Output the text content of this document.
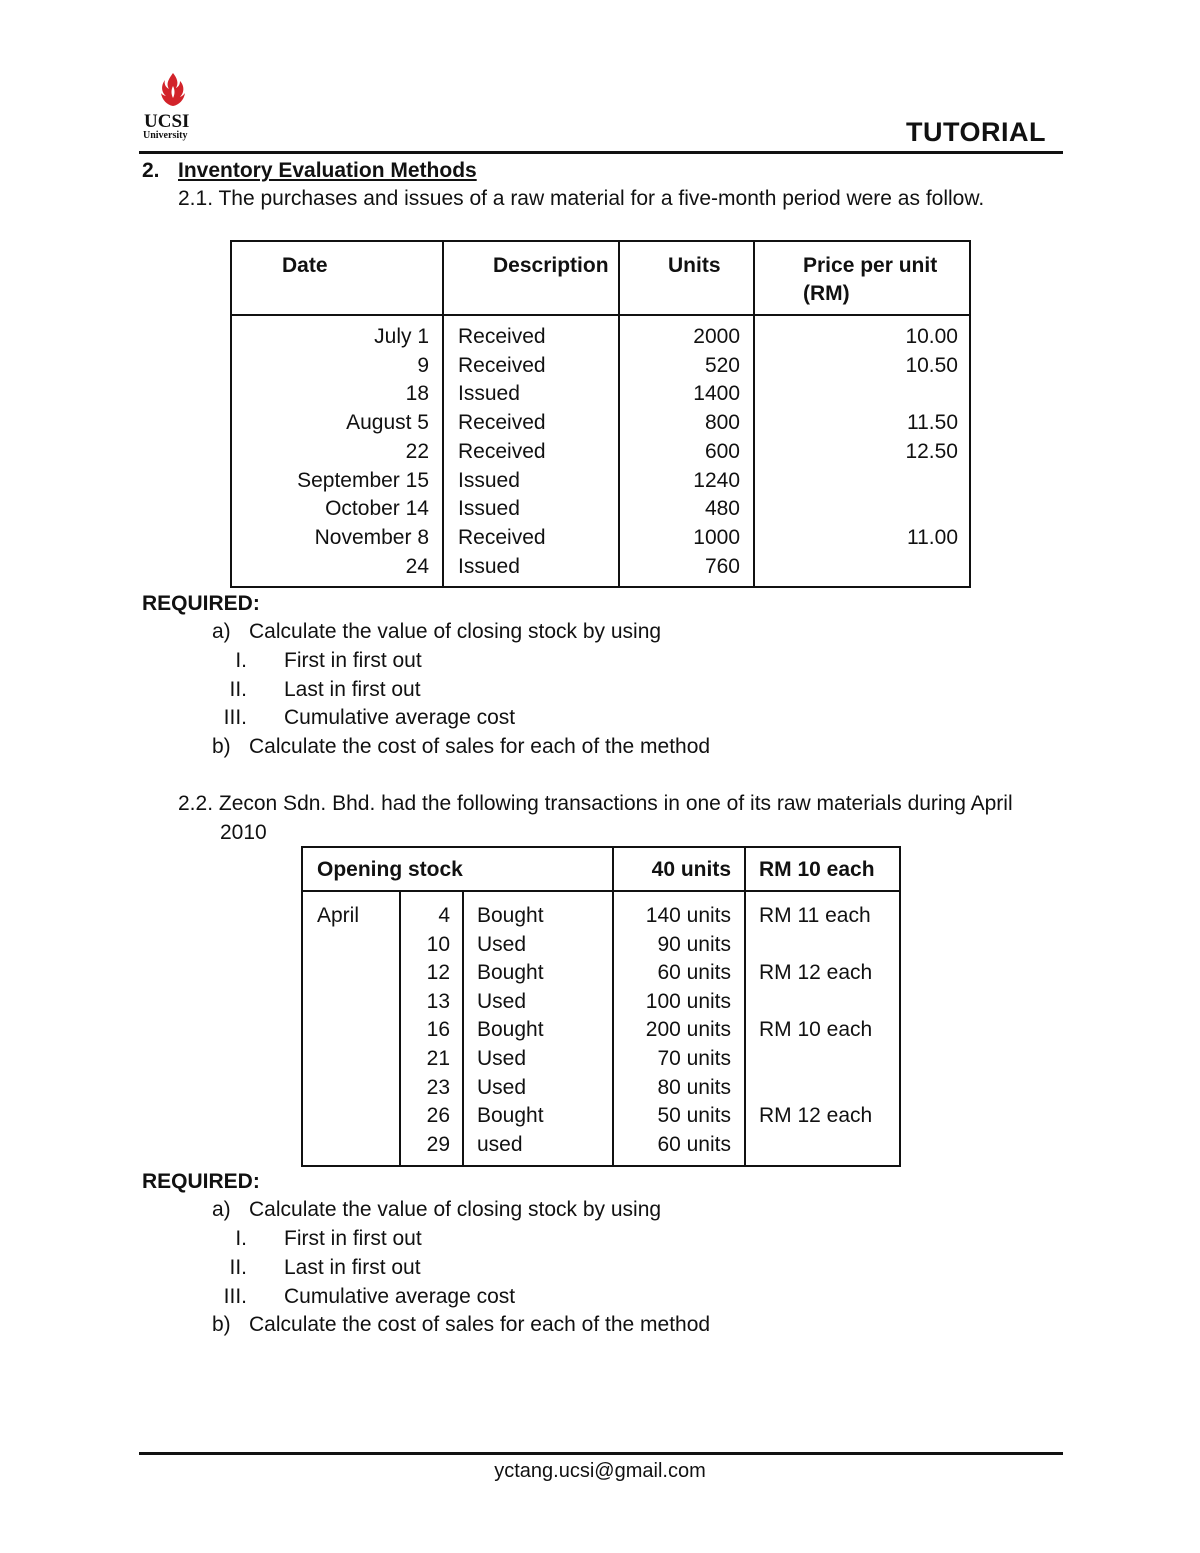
UCSI
University	TUTORIAL
2. Inventory Evaluation Methods
2.1. The purchases and issues of a raw material for a five-month period were as follow.
Date	Description	Units	Price per unit
(RM)
July 1 Received	2000	10.00
9 Received	520	10.50
18 Issued	1400
August 5 Received	800	11.50
22 Received	600	12.50
September 15 Issued	1240
October 14 Issued	480
November 8 Received	1000	11.00
24 Issued	760
REQUIRED:
a) Calculate the value of closing stock by using
I. First in first out
II. Last in first out
III. Cumulative average cost
b) Calculate the cost of sales for each of the method
2.2. Zecon Sdn. Bhd. had the following transactions in one of its raw materials during April
2010
Opening stock	40 units RM 10 each
April	4 Bought	140 units RM 11 each
10 Used	90 units
12 Bought	60 units RM 12 each
13 Used	100 units
16 Bought	200 units RM 10 each
21 Used	70 units
23 Used	80 units
26 Bought	50 units RM 12 each
29 used	60 units
REQUIRED:
a) Calculate the value of closing stock by using
I. First in first out
II. Last in first out
III. Cumulative average cost
b) Calculate the cost of sales for each of the method
yctang.ucsi@gmail.com
